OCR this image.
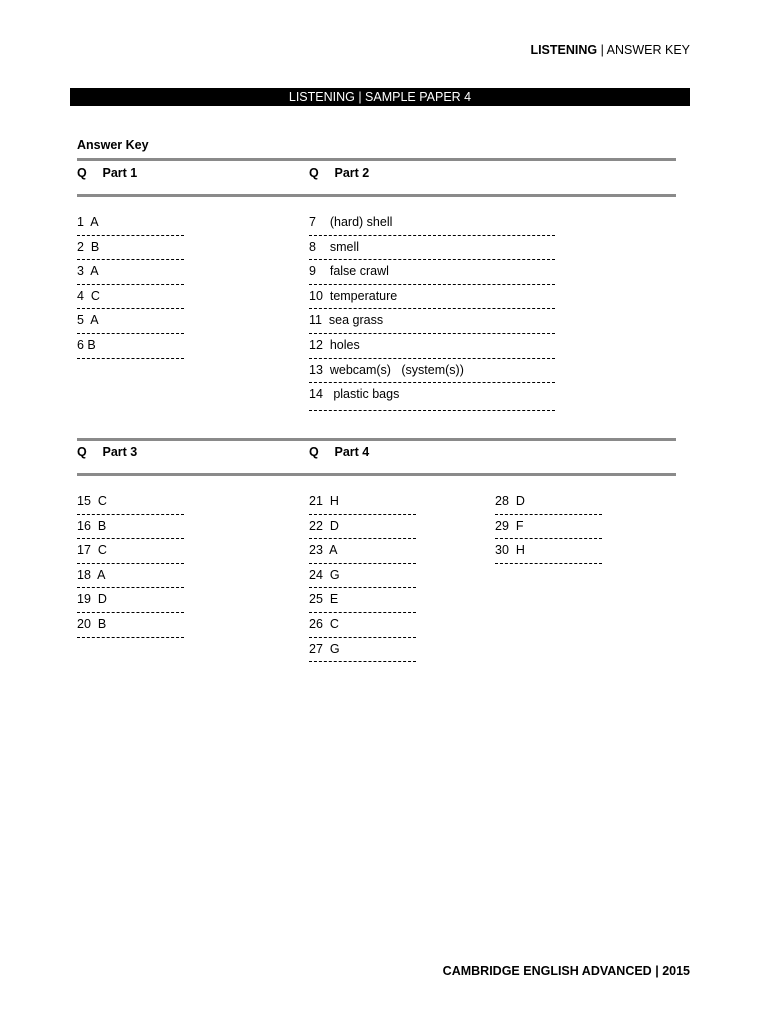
LISTENING | ANSWER KEY
LISTENING | SAMPLE PAPER 4
Answer Key
Q Part 1	Q Part 2
1  A
2  B
3  A
4  C
5  A
6 B
7    (hard) shell
8    smell
9    false crawl
10  temperature
11  sea grass
12  holes
13  webcam(s)   (system(s))
14   plastic bags
Q Part 3	Q Part 4
15  C
16  B
17  C
18  A
19  D
20  B
21  H
22  D
23  A
24  G
25  E
26  C
27  G
28  D
29  F
30  H
CAMBRIDGE ENGLISH ADVANCED | 2015
